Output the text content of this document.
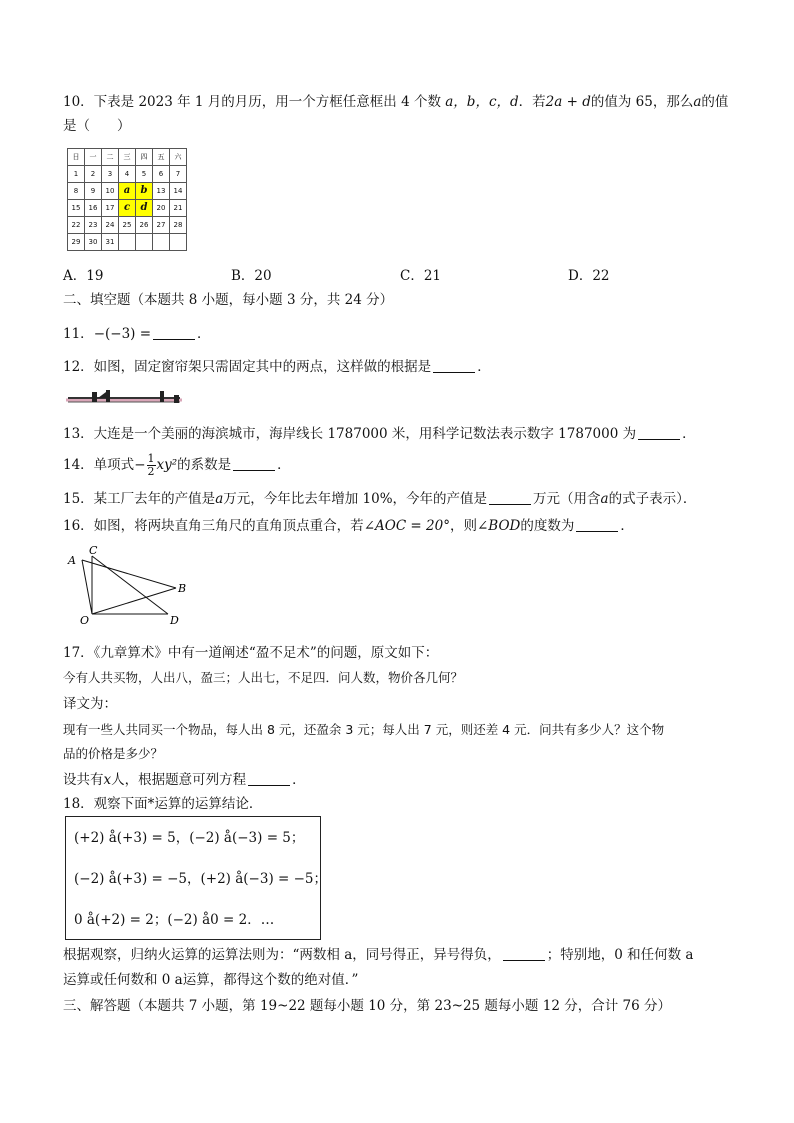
10．下表是 2023 年 1 月的月历，用一个方框任意框出 4 个数 a，b，c，d．若2a + d的值为 65，那么a的值
是（　　）
日	一	二	三	四	五	六
1	2	3	4	5	6	7
8	9	10	a	b	13	14
15	16	17	c	d	20	21
22	23	24	25	26	27	28
29	30	31				
A．19	B．20	C．21	D．22
二、填空题（本题共 8 小题，每小题 3 分，共 24 分）
11．−(−3) =	．
12．如图，固定窗帘架只需固定其中的两点，这样做的根据是	．
13．大连是一个美丽的海滨城市，海岸线长 1787000 米，用科学记数法表示数字 1787000 为	．
14．单项式− $\frac{1}{2} xy^2$的系数是	．
15．某工厂去年的产值是a万元，今年比去年增加 10%，今年的产值是	万元（用含a的式子表示）．
16．如图，将两块直角三角尺的直角顶点重合，若∠AOC = 20°，则∠BOD的度数为	．
A
C
B
O	D
17．《九章算术》中有一道阐述“盈不足术”的问题，原文如下：
今有人共买物，人出八，盈三；人出七，不足四．问人数，物价各几何？
译文为：
现有一些人共同买一个物品，每人出 8 元，还盈余 3 元；每人出 7 元，则还差 4 元．问共有多少人？这个物
品的价格是多少？
设共有x人，根据题意可列方程	．
18．观察下面*运算的运算结论．
(+2) å(+3) = 5，(−2) å(−3) = 5；
(−2) å(+3) = −5，(+2) å(−3) = −5；
0 å(+2) = 2；(−2) å0 = 2．…
根据观察，归纳火运算的运算法则为：“两数相 a，同号得正，异号得负，	；特别地，0 和任何数 a
运算或任何数和 0 a运算，都得这个数的绝对值．”
三、解答题（本题共 7 小题，第 19~22 题每小题 10 分，第 23~25 题每小题 12 分，合计 76 分）
